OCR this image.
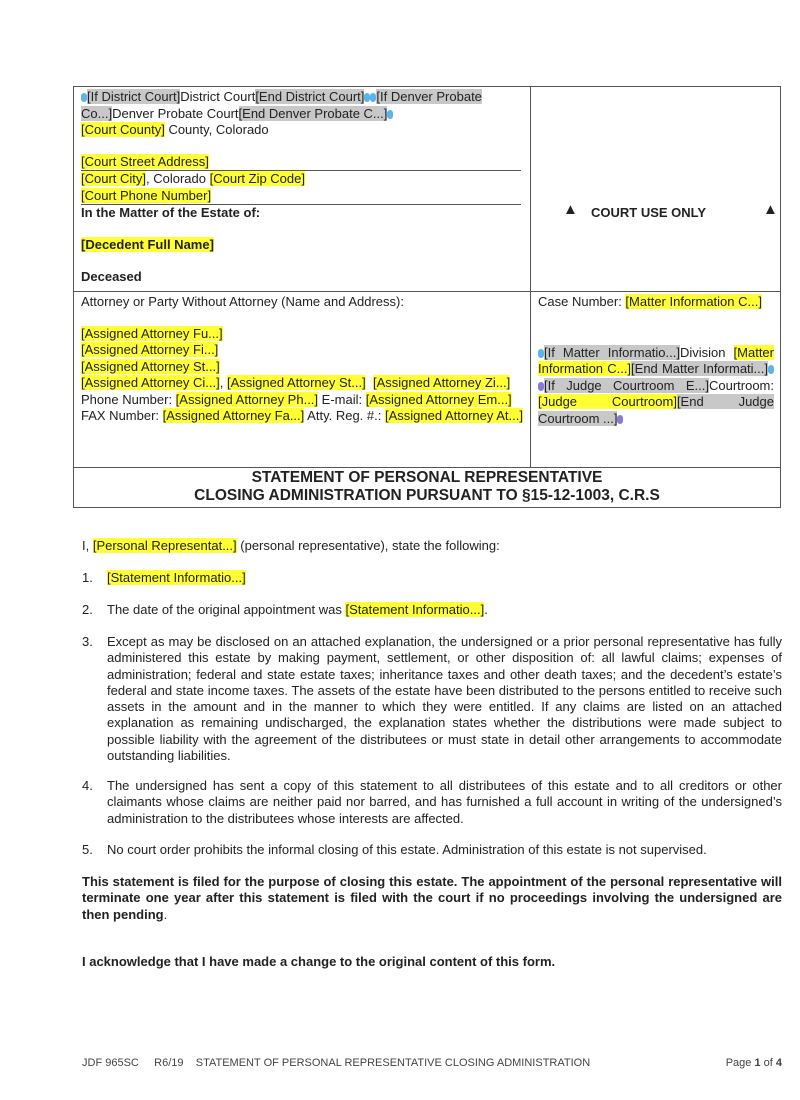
[If District Court]District Court[End District Court] [If Denver Probate Co...]Denver Probate Court[End Denver Probate C...]
[Court County] County, Colorado
[Court Street Address]
[Court City], Colorado [Court Zip Code]
[Court Phone Number]
In the Matter of the Estate of:
[Decedent Full Name]
Deceased
▲ COURT USE ONLY	▲
Attorney or Party Without Attorney (Name and Address):
[Assigned Attorney Fu...]
[Assigned Attorney Fi...]
[Assigned Attorney St...]
[Assigned Attorney Ci...], [Assigned Attorney St...] [Assigned Attorney Zi...]
Phone Number: [Assigned Attorney Ph...] E-mail: [Assigned Attorney Em...]
FAX Number: [Assigned Attorney Fa...] Atty. Reg. #.: [Assigned Attorney At...]
Case Number: [Matter Information C...]
[If Matter Informatio...]Division [Matter Information C...][End Matter Informati...] [If Judge Courtroom E...]Courtroom: [Judge Courtroom][End Judge Courtroom ...]
STATEMENT OF PERSONAL REPRESENTATIVE
CLOSING ADMINISTRATION PURSUANT TO §15-12-1003, C.R.S
I, [Personal Representat...] (personal representative), state the following:
1. [Statement Informatio...]
2. The date of the original appointment was [Statement Informatio...].
3. Except as may be disclosed on an attached explanation, the undersigned or a prior personal representative has fully administered this estate by making payment, settlement, or other disposition of: all lawful claims; expenses of administration; federal and state estate taxes; inheritance taxes and other death taxes; and the decedent’s estate’s federal and state income taxes. The assets of the estate have been distributed to the persons entitled to receive such assets in the amount and in the manner to which they were entitled. If any claims are listed on an attached explanation as remaining undischarged, the explanation states whether the distributions were made subject to possible liability with the agreement of the distributees or must state in detail other arrangements to accommodate outstanding liabilities.
4. The undersigned has sent a copy of this statement to all distributees of this estate and to all creditors or other claimants whose claims are neither paid nor barred, and has furnished a full account in writing of the undersigned’s administration to the distributees whose interests are affected.
5. No court order prohibits the informal closing of this estate. Administration of this estate is not supervised.
This statement is filed for the purpose of closing this estate. The appointment of the personal representative will terminate one year after this statement is filed with the court if no proceedings involving the undersigned are then pending.
I acknowledge that I have made a change to the original content of this form.
JDF 965SC R6/19 STATEMENT OF PERSONAL REPRESENTATIVE CLOSING ADMINISTRATION	Page 1 of 4
